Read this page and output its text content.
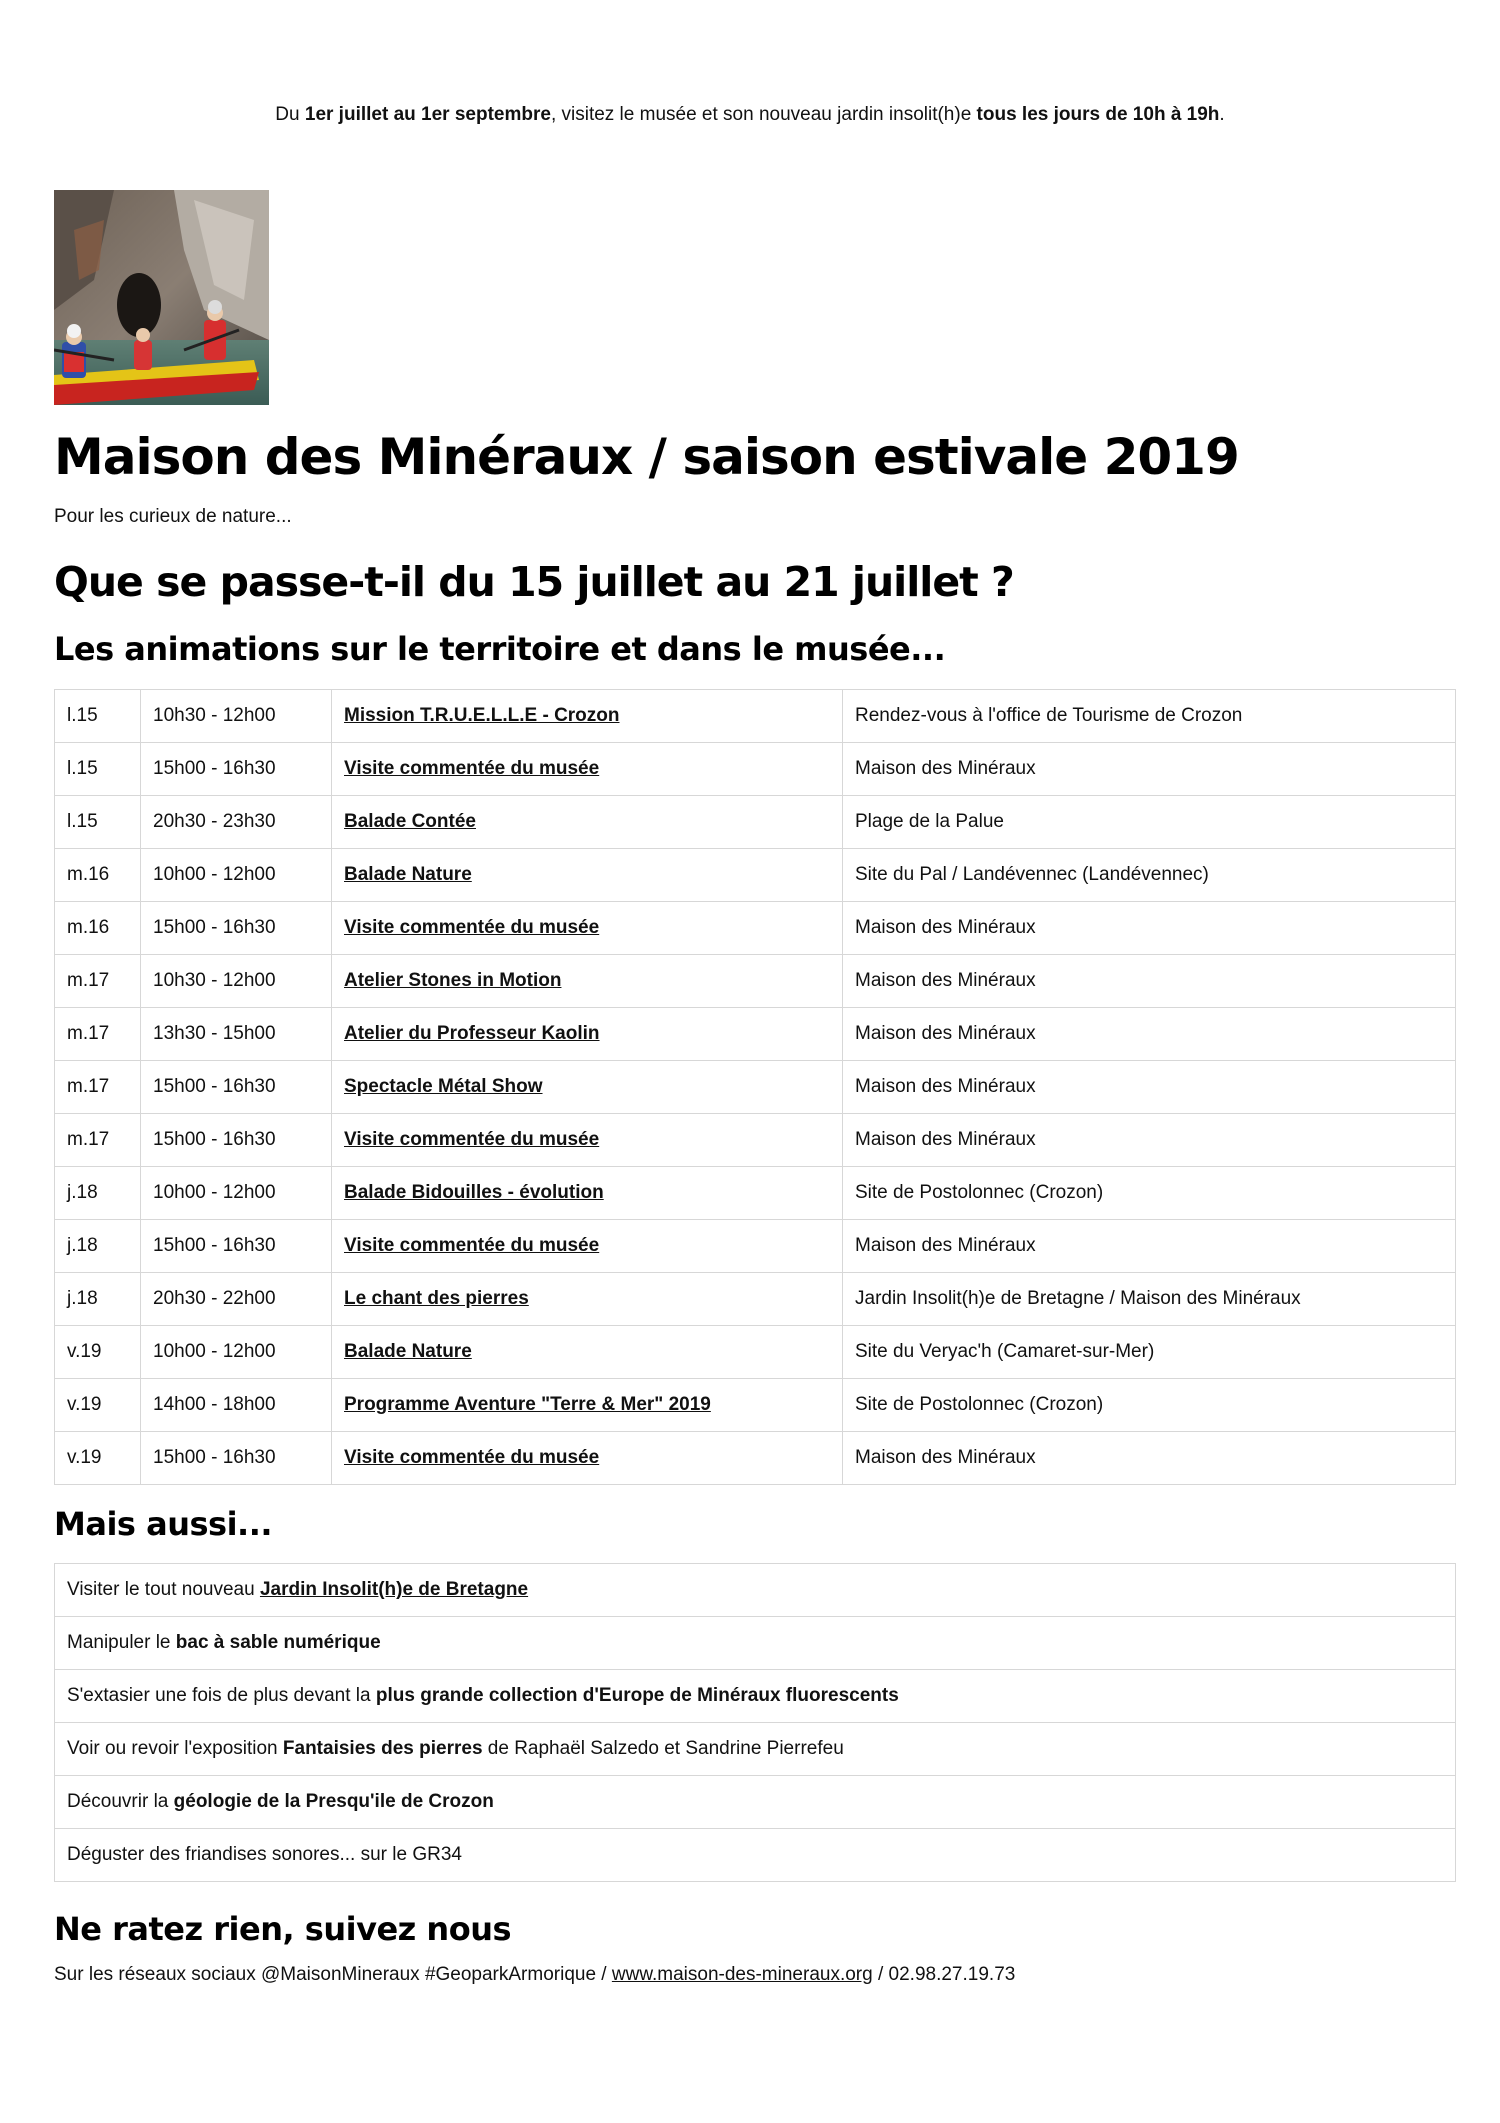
Du 1er juillet au 1er septembre, visitez le musée et son nouveau jardin insolit(h)e tous les jours de 10h à 19h.
Maison des Minéraux / saison estivale 2019
Pour les curieux de nature...
Que se passe-t-il du 15 juillet au 21 juillet ?
Les animations sur le territoire et dans le musée...
l.15	10h30 - 12h00	Mission T.R.U.E.L.L.E - Crozon	Rendez-vous à l'office de Tourisme de Crozon
l.15	15h00 - 16h30	Visite commentée du musée	Maison des Minéraux
l.15	20h30 - 23h30	Balade Contée	Plage de la Palue
m.16	10h00 - 12h00	Balade Nature	Site du Pal / Landévennec (Landévennec)
m.16	15h00 - 16h30	Visite commentée du musée	Maison des Minéraux
m.17	10h30 - 12h00	Atelier Stones in Motion	Maison des Minéraux
m.17	13h30 - 15h00	Atelier du Professeur Kaolin	Maison des Minéraux
m.17	15h00 - 16h30	Spectacle Métal Show	Maison des Minéraux
m.17	15h00 - 16h30	Visite commentée du musée	Maison des Minéraux
j.18	10h00 - 12h00	Balade Bidouilles - évolution	Site de Postolonnec (Crozon)
j.18	15h00 - 16h30	Visite commentée du musée	Maison des Minéraux
j.18	20h30 - 22h00	Le chant des pierres	Jardin Insolit(h)e de Bretagne / Maison des Minéraux
v.19	10h00 - 12h00	Balade Nature	Site du Veryac'h (Camaret-sur-Mer)
v.19	14h00 - 18h00	Programme Aventure "Terre & Mer" 2019	Site de Postolonnec (Crozon)
v.19	15h00 - 16h30	Visite commentée du musée	Maison des Minéraux
Mais aussi...
Visiter le tout nouveau Jardin Insolit(h)e de Bretagne
Manipuler le bac à sable numérique
S'extasier une fois de plus devant la plus grande collection d'Europe de Minéraux fluorescents
Voir ou revoir l'exposition Fantaisies des pierres de Raphaël Salzedo et Sandrine Pierrefeu
Découvrir la géologie de la Presqu'ile de Crozon
Déguster des friandises sonores... sur le GR34
Ne ratez rien, suivez nous
Sur les réseaux sociaux @MaisonMineraux #GeoparkArmorique / www.maison-des-mineraux.org / 02.98.27.19.73
